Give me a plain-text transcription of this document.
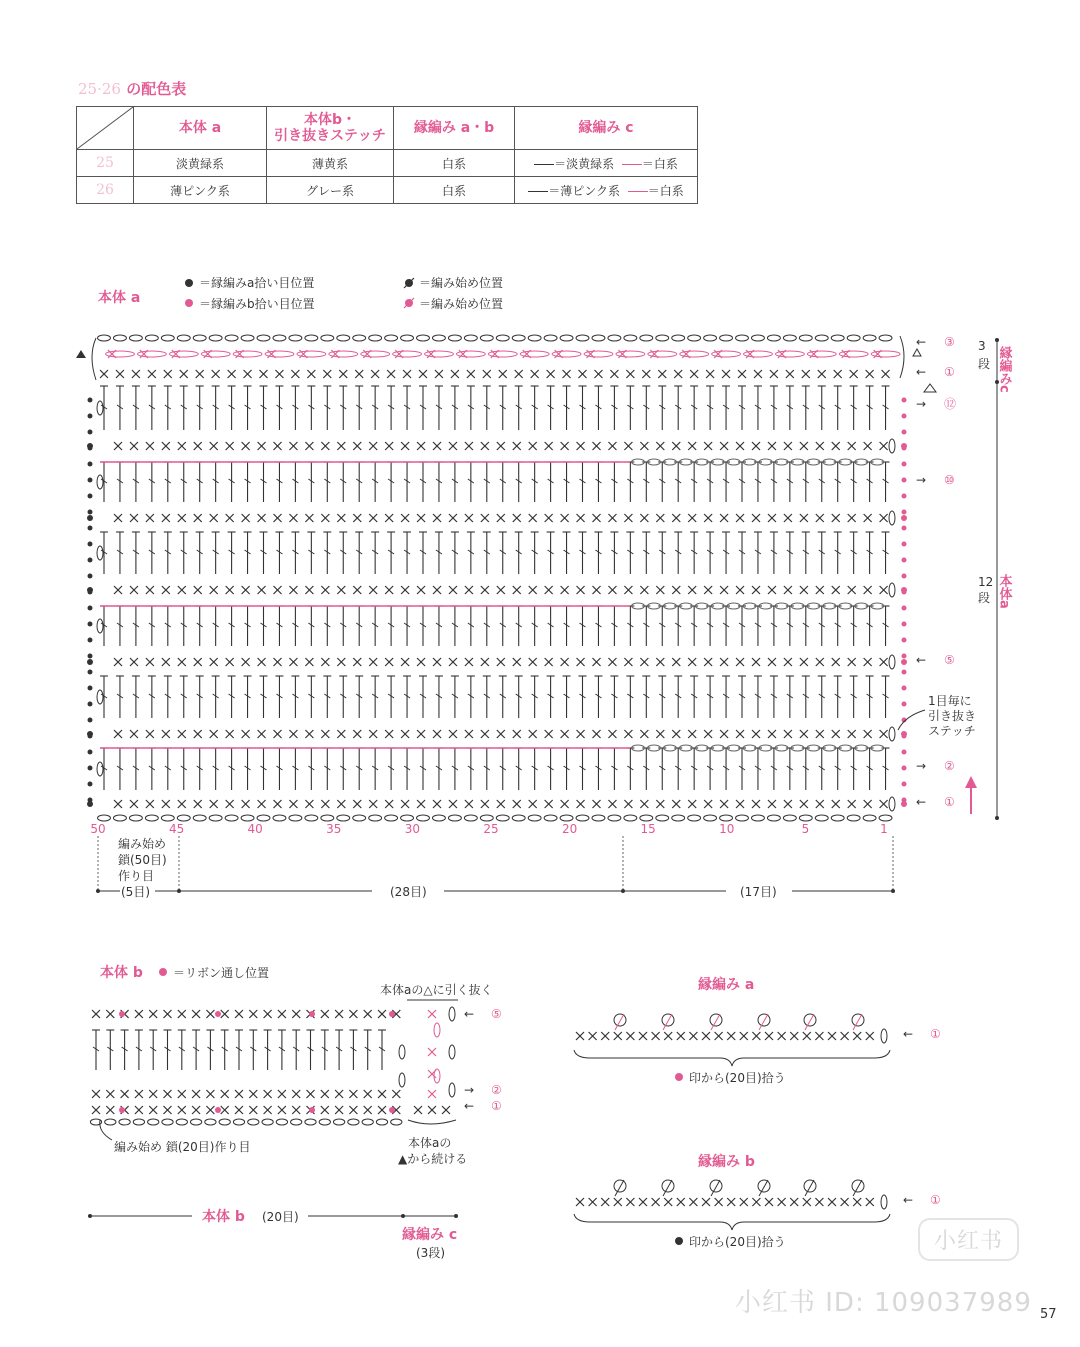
25·26 の配色表
	本体 a	本体b・
引き抜きステッチ	縁編み a・b	縁編み c
25	淡黄緑系	薄黄系	白系	＝淡黄緑系 ＝白系
26	薄ピンク系	グレー系	白系	＝薄ピンク系 ＝白系
本体 a
＝縁編みa拾い目位置
＝縁編みb拾い目位置
＝編み始め位置
＝編み始め位置
← ③
← ①
→ ⑫
→ ⑩
← ⑤
→ ②
← ①
1目毎に
引き抜き
ステッチ
3
段 縁編みc
12
段 本体a
50	45	40	35	30	25	20	15	10	5	1
編み始め
鎖(50目)
作り目
(5目)	(28目)	(17目)
本体 b	＝リボン通し位置
本体aの△に引く抜く
← ⑤
→ ②
← ①
編み始め 鎖(20目)作り目	本体aの
▲から続ける
本体 b (20目)
縁編み c
(3段)
縁編み a
← ①
印から(20目)拾う
縁編み b
← ①
印から(20目)拾う
57
小红书 ID: 109037989
小红书
